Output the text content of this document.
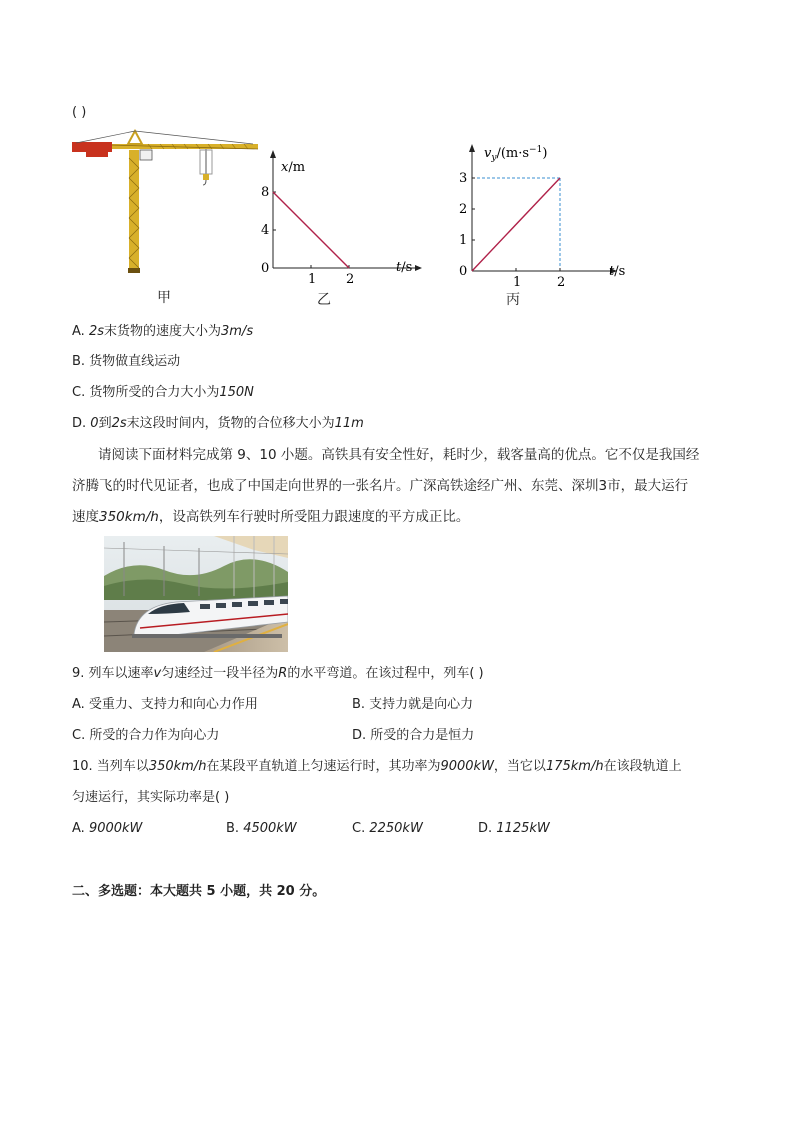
( )
甲
x/m
t/s
0
4
8
1 2
乙
$v_y/(m\cdot s^{-1})$
t/s
0
1
2
3
1	2
丙
A. 2s末货物的速度大小为3m/s
B. 货物做直线运动
C. 货物所受的合力大小为150N
D. 0到2s末这段时间内，货物的合位移大小为11m
请阅读下面材料完成第 9、10 小题。高铁具有安全性好，耗时少，载客量高的优点。它不仅是我国经
济腾飞的时代见证者，也成了中国走向世界的一张名片。广深高铁途经广州、东莞、深圳3市，最大运行
速度350km/h，设高铁列车行驶时所受阻力跟速度的平方成正比。
9. 列车以速率v匀速经过一段半径为R的水平弯道。在该过程中，列车( )
A. 受重力、支持力和向心力作用	B. 支持力就是向心力
C. 所受的合力作为向心力	D. 所受的合力是恒力
10. 当列车以350km/h在某段平直轨道上匀速运行时，其功率为9000kW，当它以175km/h在该段轨道上
匀速运行，其实际功率是( )
A. 9000kW	B. 4500kW	C. 2250kW	D. 1125kW
二、多选题：本大题共 5 小题，共 20 分。
